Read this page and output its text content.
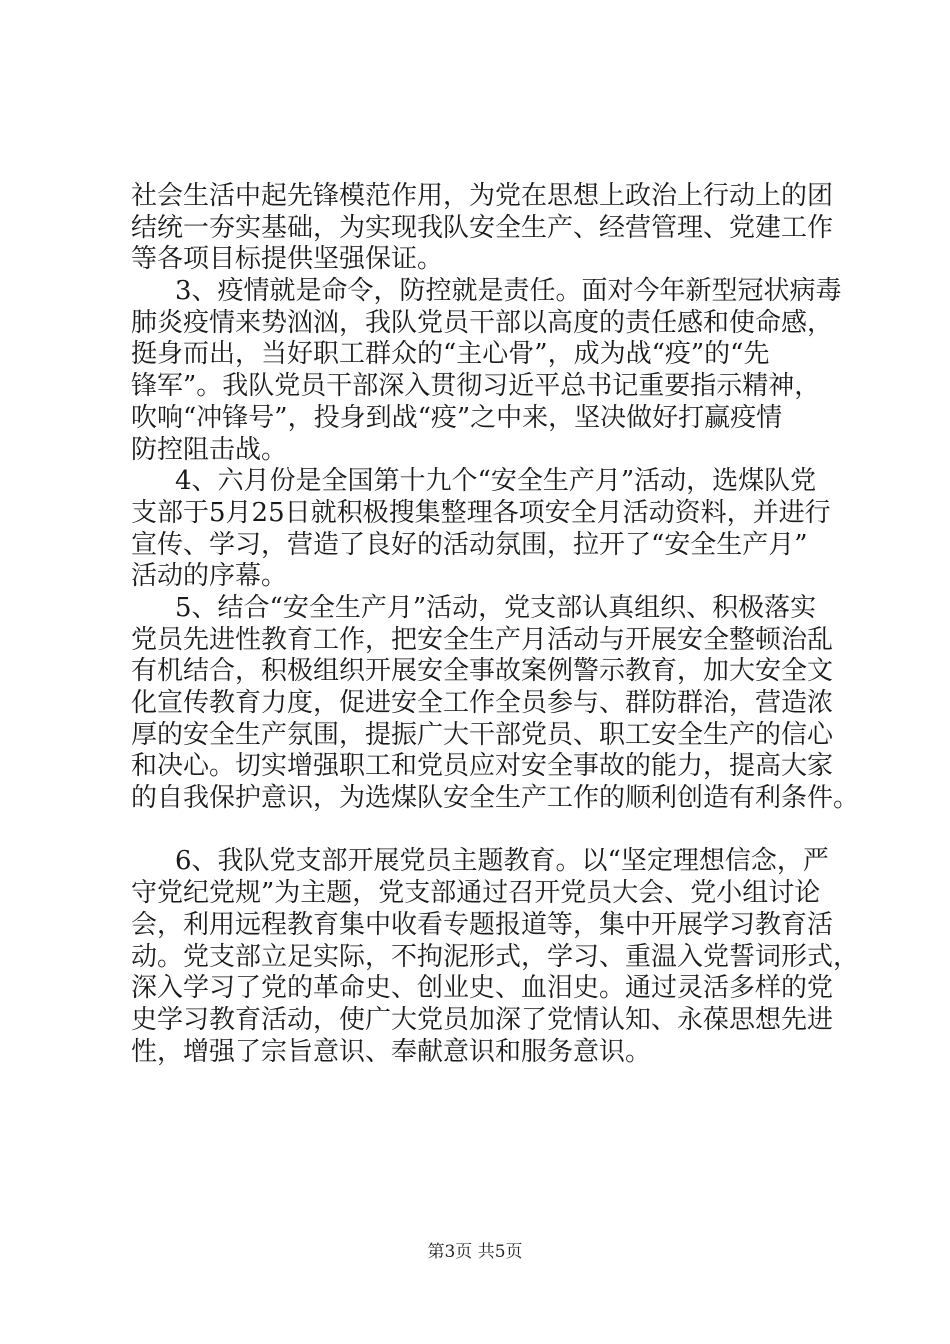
社会生活中起先锋模范作用，为党在思想上政治上行动上的团
结统一夯实基础，为实现我队安全生产、经营管理、党建工作
等各项目标提供坚强保证。
3、疫情就是命令，防控就是责任。面对今年新型冠状病毒
肺炎疫情来势汹汹，我队党员干部以高度的责任感和使命感，
挺身而出，当好职工群众的“主心骨”，成为战“疫”的“先
锋军”。我队党员干部深入贯彻习近平总书记重要指示精神，
吹响“冲锋号”，投身到战“疫”之中来，坚决做好打赢疫情
防控阻击战。
4、六月份是全国第十九个“安全生产月”活动，选煤队党
支部于5月25日就积极搜集整理各项安全月活动资料，并进行
宣传、学习，营造了良好的活动氛围，拉开了“安全生产月”
活动的序幕。
5、结合“安全生产月”活动，党支部认真组织、积极落实
党员先进性教育工作，把安全生产月活动与开展安全整顿治乱
有机结合，积极组织开展安全事故案例警示教育，加大安全文
化宣传教育力度，促进安全工作全员参与、群防群治，营造浓
厚的安全生产氛围，提振广大干部党员、职工安全生产的信心
和决心。切实增强职工和党员应对安全事故的能力，提高大家
的自我保护意识，为选煤队安全生产工作的顺利创造有利条件。
6、我队党支部开展党员主题教育。以“坚定理想信念，严
守党纪党规”为主题，党支部通过召开党员大会、党小组讨论
会，利用远程教育集中收看专题报道等，集中开展学习教育活
动。党支部立足实际，不拘泥形式，学习、重温入党誓词形式，
深入学习了党的革命史、创业史、血泪史。通过灵活多样的党
史学习教育活动，使广大党员加深了党情认知、永葆思想先进
性，增强了宗旨意识、奉献意识和服务意识。
第3页 共5页
